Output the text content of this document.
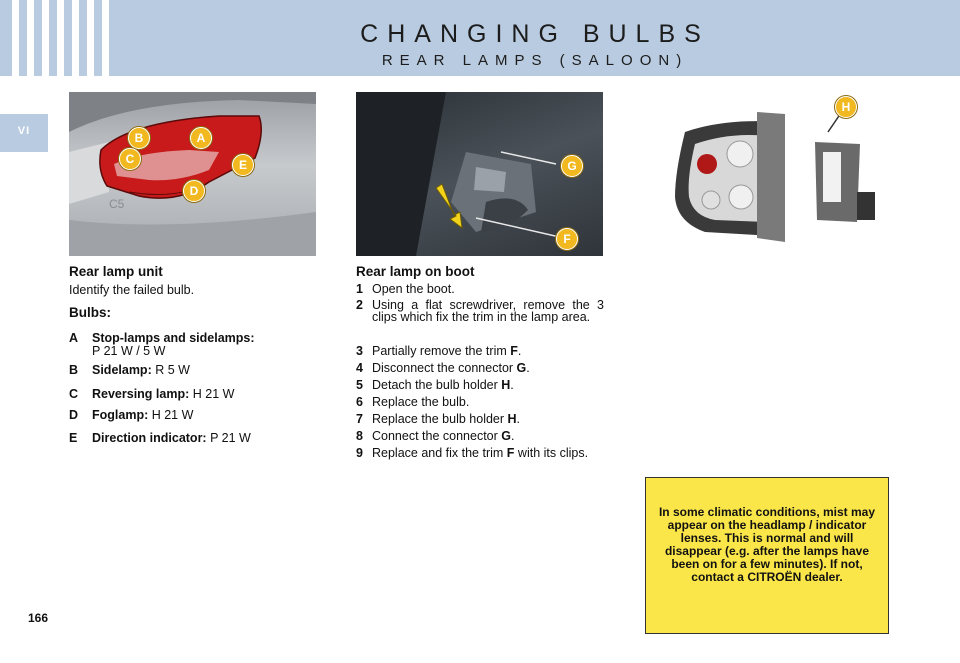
CHANGING BULBS
REAR LAMPS (SALOON)
VI
C5
B	A
C	E
D
G
F
H
Rear lamp unit
Identify the failed bulb.
Bulbs:
A Stop-lamps and sidelamps:
P 21 W / 5 W
B Sidelamp: R 5 W
C Reversing lamp: H 21 W
D Foglamp: H 21 W
E Direction indicator: P 21 W
Rear lamp on boot
1 Open the boot.
2 Using a flat screwdriver, remove the 3 clips which fix the trim in the lamp area.
3 Partially remove the trim F.
4 Disconnect the connector G.
5 Detach the bulb holder H.
6 Replace the bulb.
7 Replace the bulb holder H.
8 Connect the connector G.
9 Replace and fix the trim F with its clips.
In some climatic conditions, mist may appear on the headlamp / indicator lenses. This is normal and will disappear (e.g. after the lamps have been on for a few minutes). If not, contact a CITROËN dealer.
166
